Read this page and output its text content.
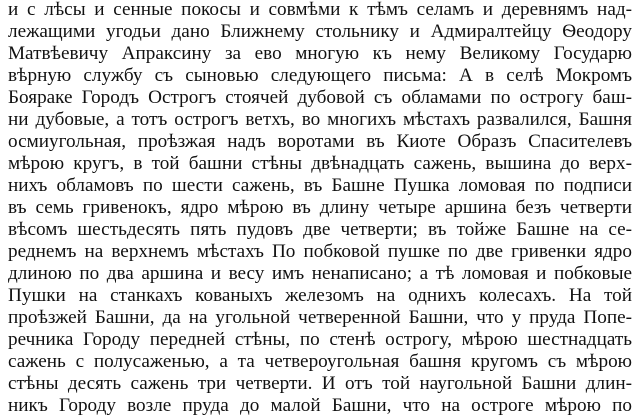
и с лѣсы и сенные покосы и совмѣми к тѣмъ селамъ и деревнямъ над-
лежащими угодьи дано Ближнему стольнику и Адмиралтейцу Ѳеодору
Матвѣевичу Апраксину за ево многую къ нему Великому Государю
вѣрную службу съ сыновью следующего письма: А в селѣ Мокромъ
Бояраке Городъ Острогъ стоячей дубовой съ обламами по острогу баш-
ни дубовые, а тотъ острогъ ветхъ, во многихъ мѣстахъ развалился, Башня
осмиугольная, проѣзжая надъ воротами въ Киоте Образъ Спасителевъ
мѣрою кругъ, в той башни стѣны двѣнадцать сажень, вышина до верх-
нихъ обламовъ по шести сажень, въ Башне Пушка ломовая по подписи
въ семь гривенокъ, ядро мѣрою въ длину четыре аршина безъ четверти
вѣсомъ шестьдесять пять пудовъ две четверти; въ тойже Башне на се-
реднемъ на верхнемъ мѣстахъ По побковой пушке по две гривенки ядро
длиною по два аршина и весу имъ ненаписано; а тѣ ломовая и побковые
Пушки на станкахъ кованыхъ железомъ на однихъ колесахъ. На той
проѣзжей Башни, да на угольной четверенной Башни, что у пруда Попе-
речника Городу передней стѣны, по стенѣ острогу, мѣрою шестнадцать
сажень с полусаженью, а та четвероугольная башня кругомъ съ мѣрою
стѣны десять сажень три четверти. И отъ той наугольной Башни длин-
никъ Городу возле пруда до малой Башни, что на остроге мѣрою по
